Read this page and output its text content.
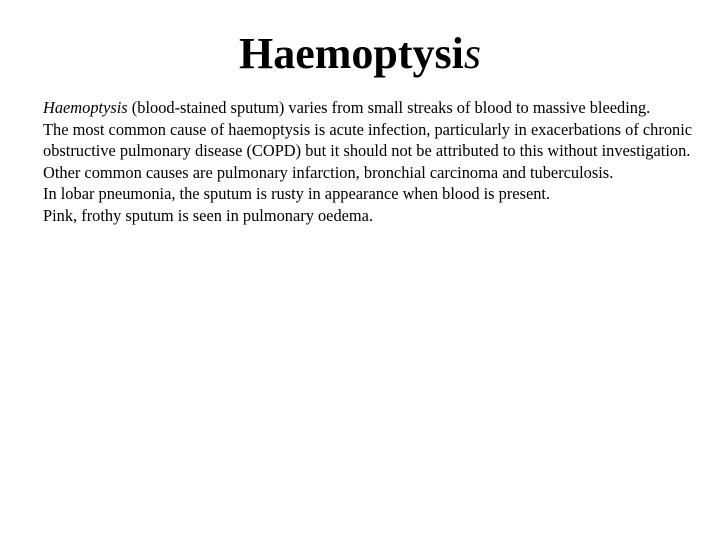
Haemoptysis

Haemoptysis (blood-stained sputum) varies from small streaks of blood to massive bleeding.

The most common cause of haemoptysis is acute infection, particularly in exacerbations of chronic obstructive pulmonary disease (COPD) but it should not be attributed to this without investigation.

Other common causes are pulmonary infarction, bronchial carcinoma and tuberculosis.

In lobar pneumonia, the sputum is rusty in appearance when blood is present.

Pink, frothy sputum is seen in pulmonary oedema.
